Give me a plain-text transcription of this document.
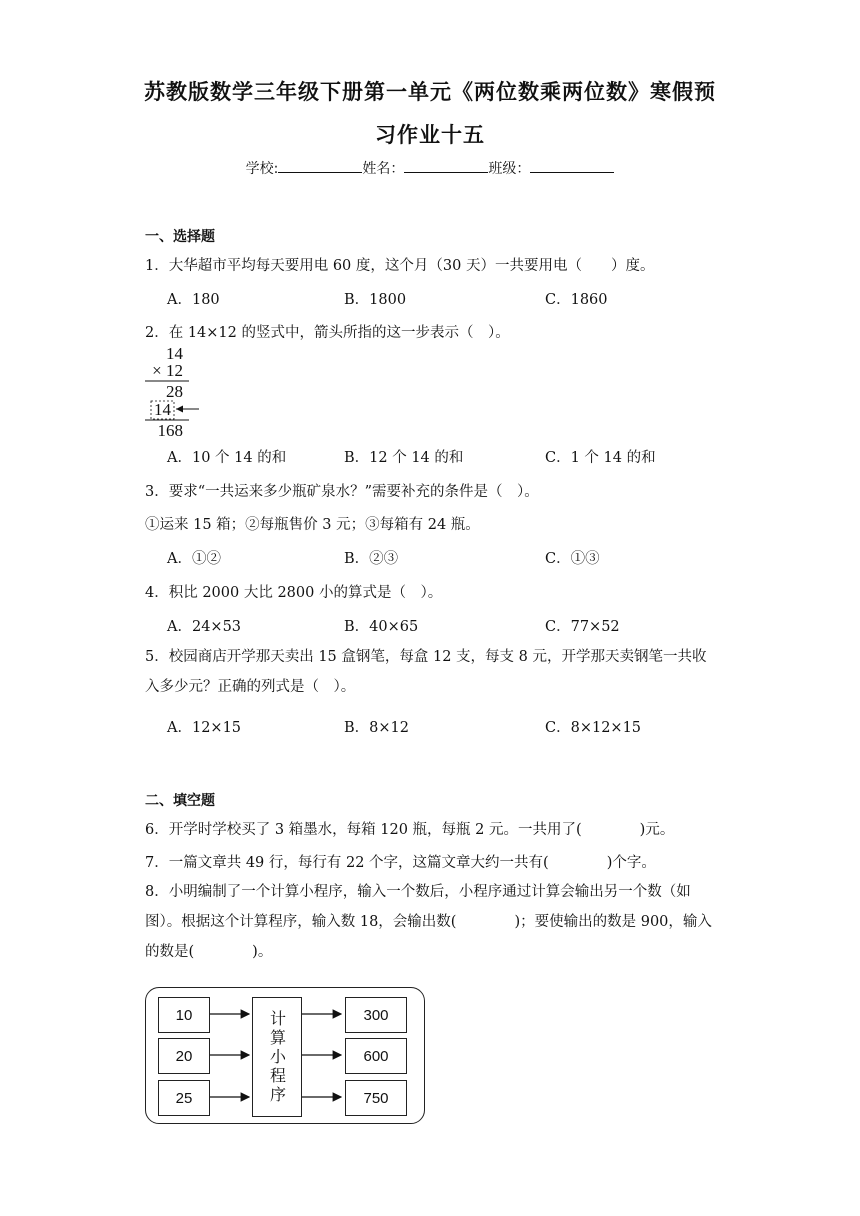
苏教版数学三年级下册第一单元《两位数乘两位数》寒假预
习作业十五
学校:	姓名：	班级：
一、选择题
1．大华超市平均每天要用电 60 度，这个月（30 天）一共要用电（　　）度。
A．180	B．1800	C．1860
2．在 14×12 的竖式中，箭头所指的这一步表示（　）。
14
× 12
28
14
168
A．10 个 14 的和	B．12 个 14 的和	C．1 个 14 的和
3．要求“一共运来多少瓶矿泉水？”需要补充的条件是（　）。
①运来 15 箱；②每瓶售价 3 元；③每箱有 24 瓶。
A．①②	B．②③	C．①③
4．积比 2000 大比 2800 小的算式是（　）。
A．24×53	B．40×65	C．77×52
5．校园商店开学那天卖出 15 盒钢笔，每盒 12 支，每支 8 元，开学那天卖钢笔一共收入多少元？正确的列式是（　）。
A．12×15	B．8×12	C．8×12×15
二、填空题
6．开学时学校买了 3 箱墨水，每箱 120 瓶，每瓶 2 元。一共用了(　　　　)元。
7．一篇文章共 49 行，每行有 22 个字，这篇文章大约一共有(　　　　)个字。
8．小明编制了一个计算小程序，输入一个数后，小程序通过计算会输出另一个数（如图）。根据这个计算程序，输入数 18，会输出数(　　　　)；要使输出的数是 900，输入的数是(　　　　)。
10
20
25	计算小程序	300
600
750
